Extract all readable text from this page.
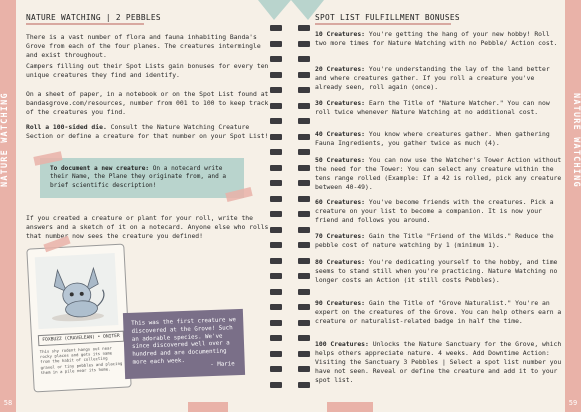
NATURE WATCHING
58
NATURE WATCHING | 2 PEBBLES
There is a vast number of flora and fauna inhabiting Banda's Grove from each of the four planes. The creatures intermingle and exist throughout.
Campers filling out their Spot Lists gain bonuses for every ten unique creatures they find and identify.
On a sheet of paper, in a notebook or on the Spot List found at bandasgrove.com/resources, number from 001 to 100 to keep track of the creatures you find.
Roll a 100-sided die. Consult the Nature Watching Creature Section or define a creature for that number on your Spot List!
To document a new creature: On a notecard write their Name, the Plane they originate from, and a brief scientific description!
If you created a creature or plant for your roll, write the answers and a sketch of it on a notecard. Anyone else who rolls that number now sees the creature you defined!
FOXBUZZ (CRAVELEAN) • ONITER
This shy rodent hangs out near rocky places and gets its name from the habit of collecting gravel or tiny pebbles and placing them in a pile near its home.
This was the first creature we discovered at the Grove! Such an adorable species. We've since discovered well over a hundred and are documenting more each week.	- Marie
NATURE WATCHING
59
SPOT LIST FULFILLMENT BONUSES
10 Creatures: You're getting the hang of your new hobby! Roll two more times for Nature Watching with no Pebble/ Action cost.
20 Creatures: You're understanding the lay of the land better and where creatures gather. If you roll a creature you've already seen, roll again (once).
30 Creatures: Earn the Title of "Nature Watcher." You can now roll twice whenever Nature Watching at no additional cost.
40 Creatures: You know where creatures gather. When gathering Fauna Ingredients, you gather twice as much (4).
50 Creatures: You can now use the Watcher's Tower Action without the need for the Tower: You can select any creature within the tens range rolled (Example: If a 42 is rolled, pick any creature between 40-49).
60 Creatures: You've become friends with the creatures. Pick a creature on your list to become a companion. It is now your friend and follows you around.
70 Creatures: Gain the Title "Friend of the Wilds." Reduce the pebble cost of nature watching by 1 (minimum 1).
80 Creatures: You're dedicating yourself to the hobby, and time seems to stand still when you're practicing. Nature Watching no longer costs an Action (it still costs Pebbles).
90 Creatures: Gain the Title of "Grove Naturalist." You're an expert on the creatures of the Grove. You can help others earn a creature or naturalist-related badge in half the time.
100 Creatures: Unlocks the Nature Sanctuary for the Grove, which helps others appreciate nature. 4 weeks. Add Downtime Action: Visiting the Sanctuary 3 Pebbles | Select a spot list number you have not seen. Reveal or define the creature and add it to your spot list.
